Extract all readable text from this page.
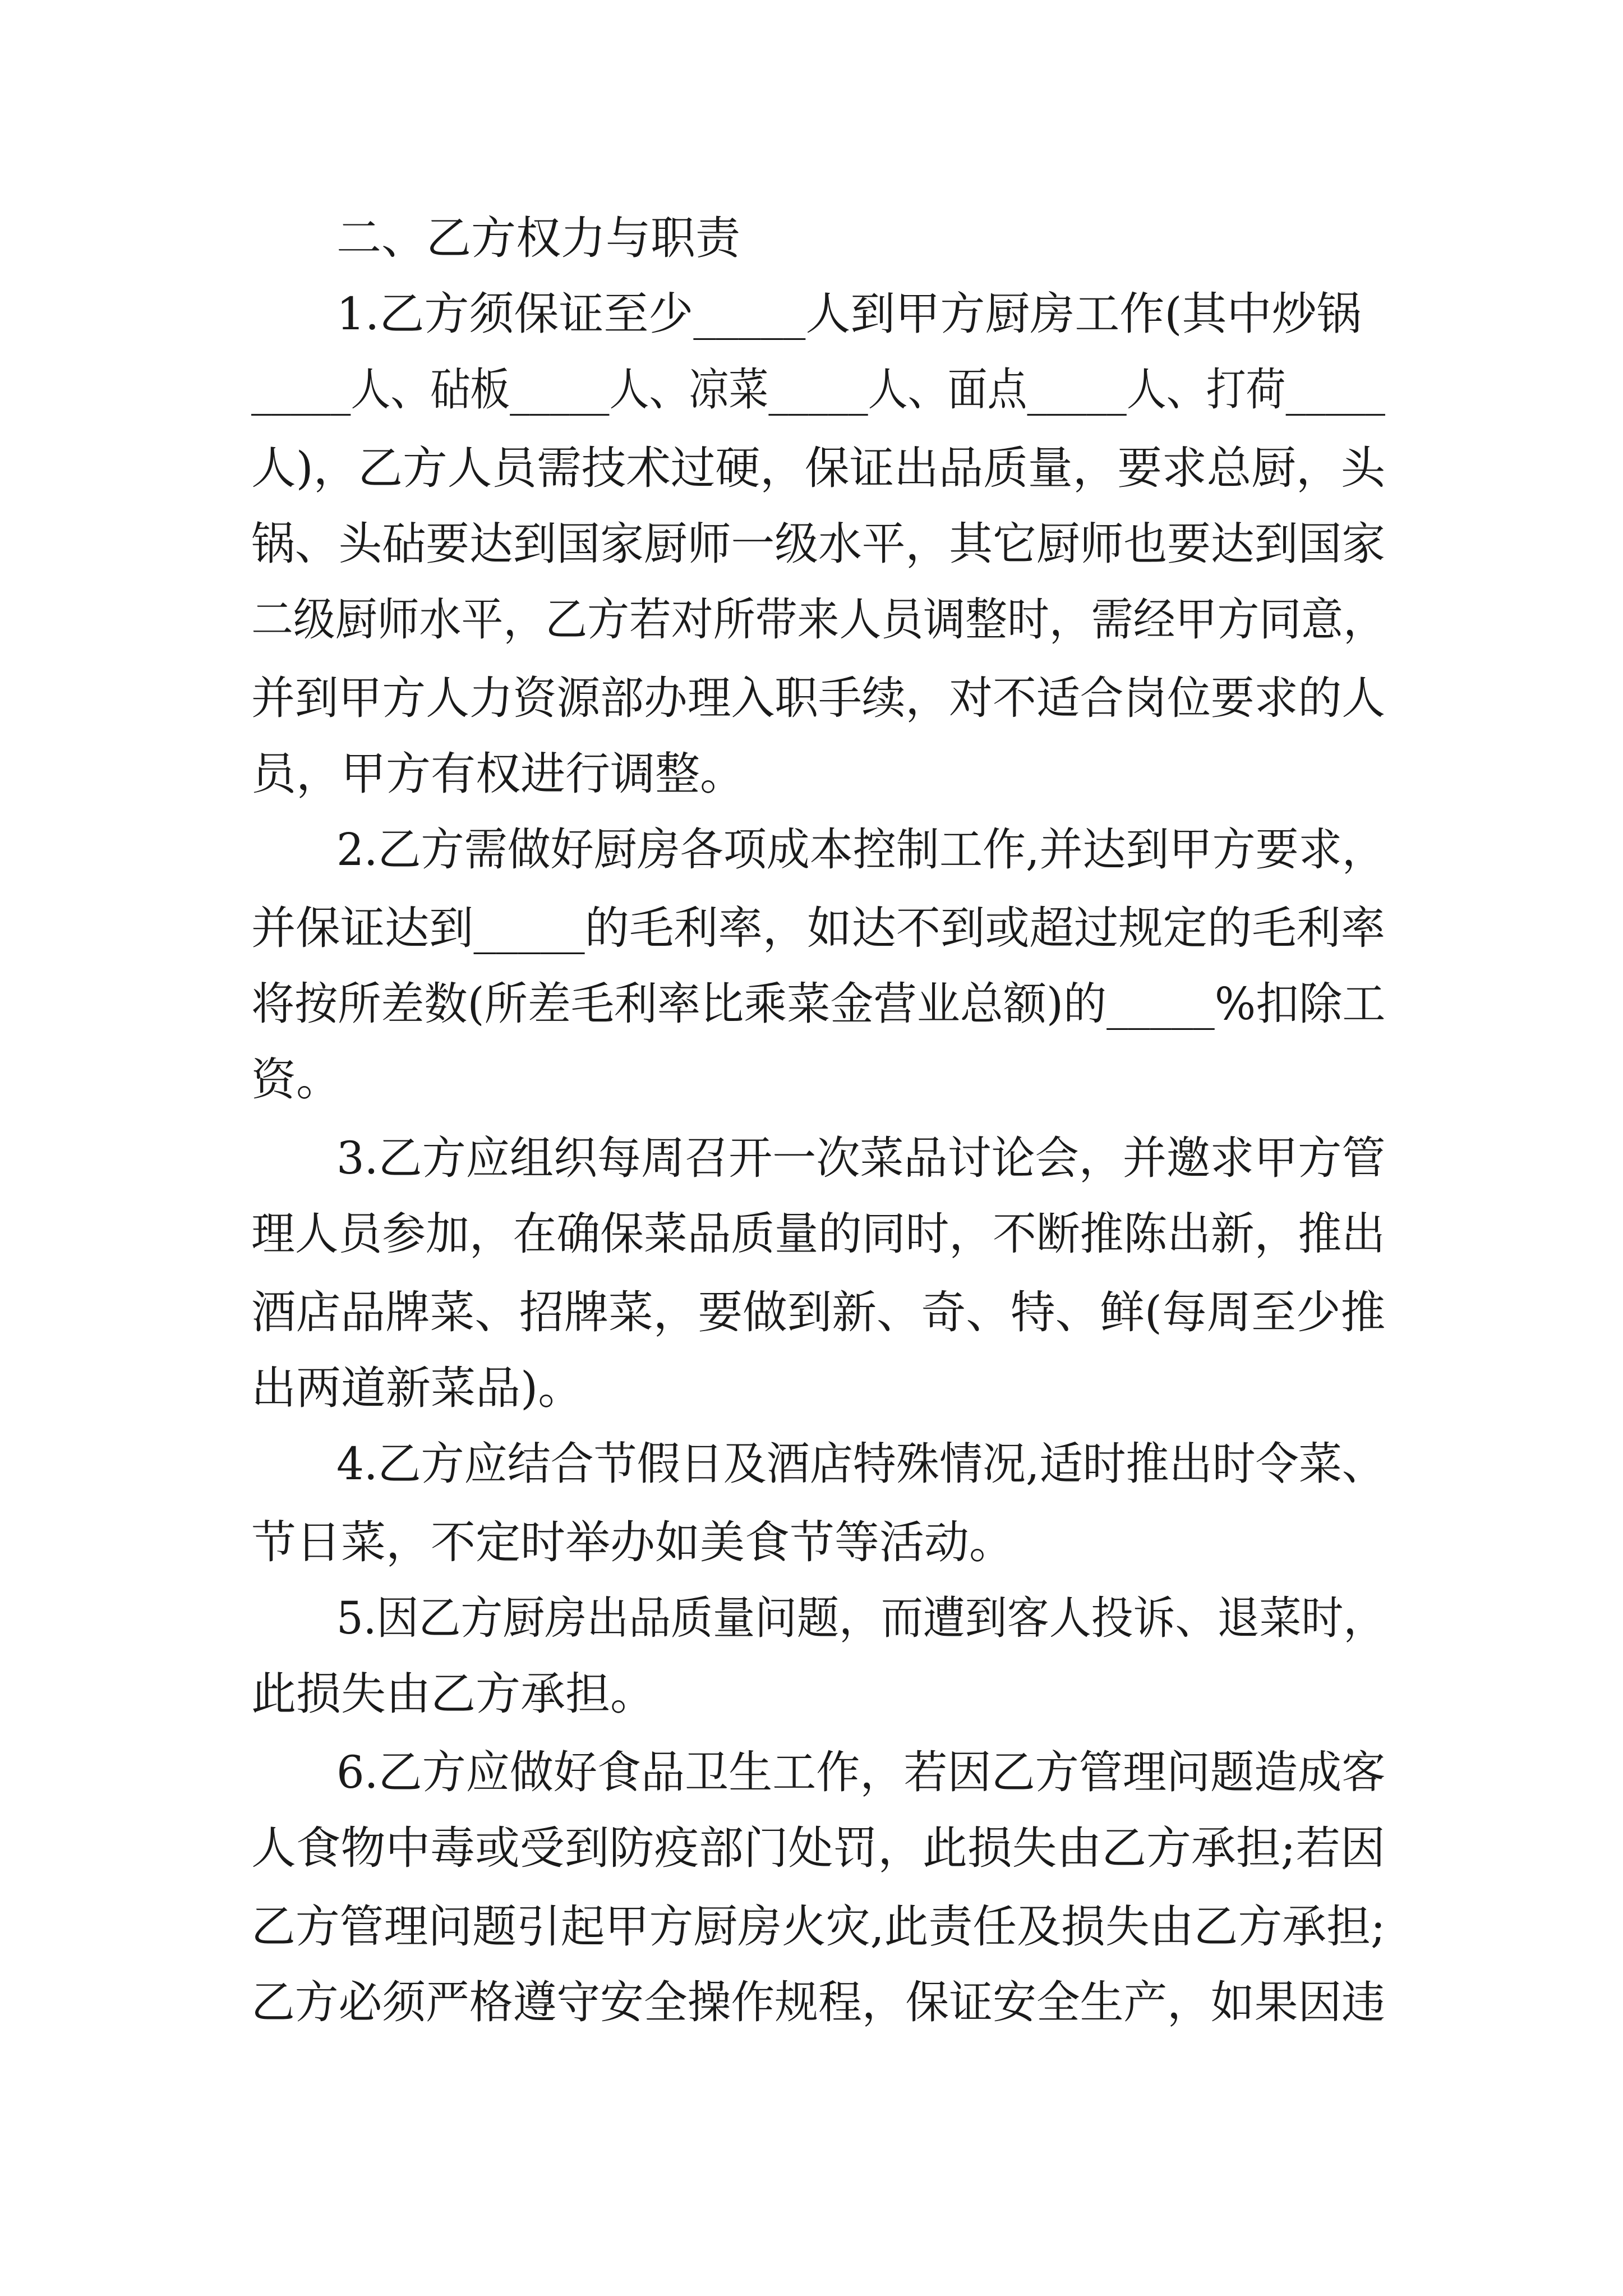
二、乙方权力与职责
1.乙方须保证至少_____人到甲方厨房工作(其中炒锅
_____人、砧板_____人、凉菜_____人、面点_____人、打荷_____
人)，乙方人员需技术过硬，保证出品质量，要求总厨，头
锅、头砧要达到国家厨师一级水平，其它厨师也要达到国家
二级厨师水平，乙方若对所带来人员调整时，需经甲方同意，
并到甲方人力资源部办理入职手续，对不适合岗位要求的人
员，甲方有权进行调整。
2.乙方需做好厨房各项成本控制工作,并达到甲方要求，
并保证达到_____的毛利率，如达不到或超过规定的毛利率
将按所差数(所差毛利率比乘菜金营业总额)的_____%扣除工
资。
3.乙方应组织每周召开一次菜品讨论会，并邀求甲方管
理人员参加，在确保菜品质量的同时，不断推陈出新，推出
酒店品牌菜、招牌菜，要做到新、奇、特、鲜(每周至少推
出两道新菜品)。
4.乙方应结合节假日及酒店特殊情况,适时推出时令菜、
节日菜，不定时举办如美食节等活动。
5.因乙方厨房出品质量问题，而遭到客人投诉、退菜时，
此损失由乙方承担。
6.乙方应做好食品卫生工作，若因乙方管理问题造成客
人食物中毒或受到防疫部门处罚，此损失由乙方承担;若因
乙方管理问题引起甲方厨房火灾,此责任及损失由乙方承担;
乙方必须严格遵守安全操作规程，保证安全生产，如果因违
